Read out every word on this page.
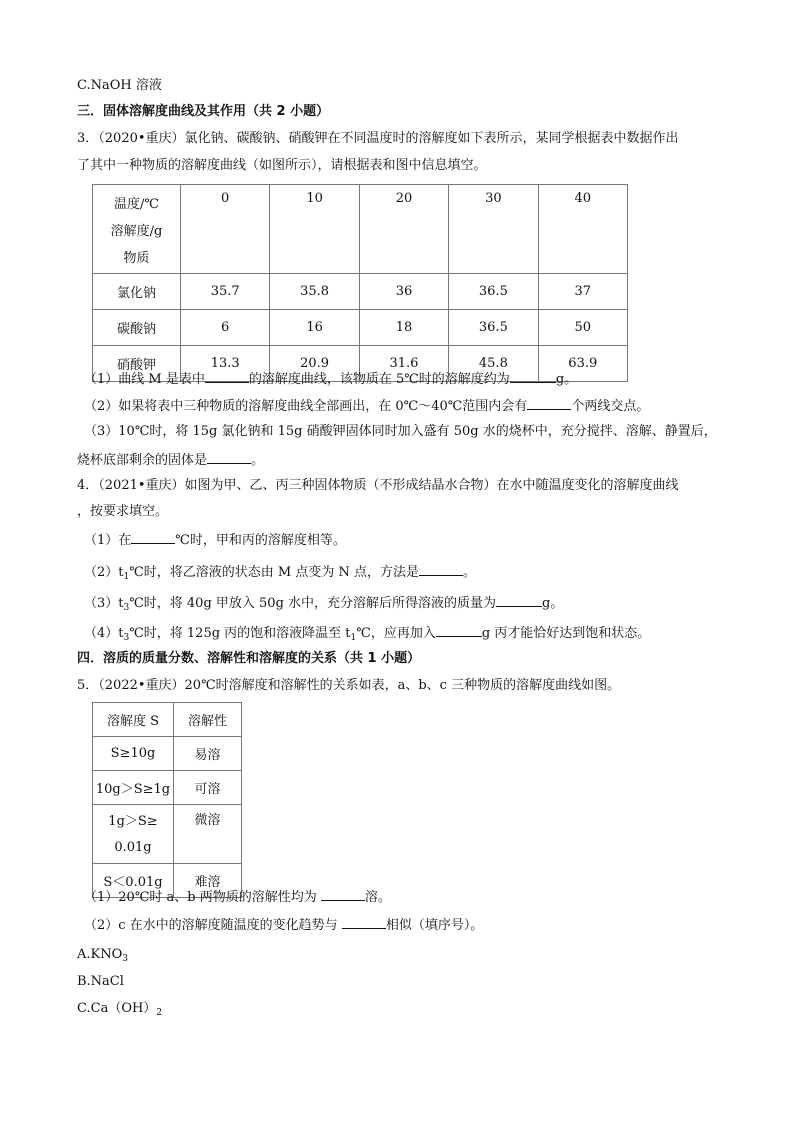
C.NaOH 溶液
三．固体溶解度曲线及其作用（共 2 小题）
3．（2020•重庆）氯化钠、碳酸钠、硝酸钾在不同温度时的溶解度如下表所示，某同学根据表中数据作出
了其中一种物质的溶解度曲线（如图所示），请根据表和图中信息填空。
温度/℃
溶解度/g
物质	0	10	20	30	40
氯化钠	35.7	35.8	36	36.5	37
碳酸钠	6	16	18	36.5	50
硝酸钾	13.3	20.9	31.6	45.8	63.9
（1）曲线 M 是表中	的溶解度曲线，该物质在 5℃时的溶解度约为	g。
（2）如果将表中三种物质的溶解度曲线全部画出，在 0℃～40℃范围内会有	个两线交点。
（3）10℃时，将 15g 氯化钠和 15g 硝酸钾固体同时加入盛有 50g 水的烧杯中，充分搅拌、溶解、静置后，
烧杯底部剩余的固体是	。
4．（2021•重庆）如图为甲、乙、丙三种固体物质（不形成结晶水合物）在水中随温度变化的溶解度曲线
，按要求填空。
（1）在	℃时，甲和丙的溶解度相等。
$(2)t_1℃$时，将乙溶液的状态由 M 点变为 N 点，方法是	。
$(3)t_3℃$时，将 40g 甲放入 50g 水中，充分溶解后所得溶液的质量为	g。
$(4)t_3℃$时，将 125g 丙的饱和溶液降温至 $t_1℃$，应再加入	g 丙才能恰好达到饱和状态。
四．溶质的质量分数、溶解性和溶解度的关系（共 1 小题）
5．（2022•重庆）20℃时溶解度和溶解性的关系如表，a、b、c 三种物质的溶解度曲线如图。
溶解度 S	溶解性
S≥10g	易溶
10g＞S≥1g	可溶

1g＞S≥
0.01g	微溶
S＜0.01g	难溶
（1）20℃时 a、b 两物质的溶解性均为	溶。
（2）c 在水中的溶解度随温度的变化趋势与	相似（填序号）。
$A.KNO_3$
B.NaCl
$C.Ca(OH)_2$
